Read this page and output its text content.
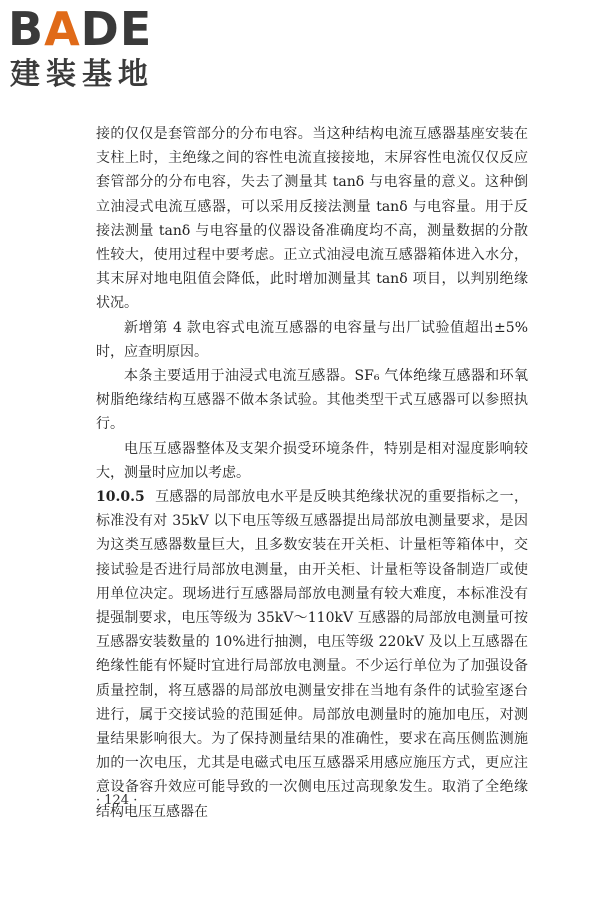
BADE
建装基地

接的仅仅是套管部分的分布电容。当这种结构电流互感器基座安装在支柱上时，主绝缘之间的容性电流直接接地，末屏容性电流仅仅反应套管部分的分布电容，失去了测量其 tanδ 与电容量的意义。这种倒立油浸式电流互感器，可以采用反接法测量 tanδ 与电容量。用于反接法测量 tanδ 与电容量的仪器设备准确度均不高，测量数据的分散性较大，使用过程中要考虑。正立式油浸电流互感器箱体进入水分，其末屏对地电阻值会降低，此时增加测量其 tanδ 项目，以判别绝缘状况。

新增第 4 款电容式电流互感器的电容量与出厂试验值超出±5%时，应查明原因。

本条主要适用于油浸式电流互感器。SF₆ 气体绝缘互感器和环氧树脂绝缘结构互感器不做本条试验。其他类型干式互感器可以参照执行。

电压互感器整体及支架介损受环境条件，特别是相对湿度影响较大，测量时应加以考虑。

10.0.5 互感器的局部放电水平是反映其绝缘状况的重要指标之一，标准没有对 35kV 以下电压等级互感器提出局部放电测量要求，是因为这类互感器数量巨大，且多数安装在开关柜、计量柜等箱体中，交接试验是否进行局部放电测量，由开关柜、计量柜等设备制造厂或使用单位决定。现场进行互感器局部放电测量有较大难度，本标准没有提强制要求，电压等级为 35kV～110kV 互感器的局部放电测量可按互感器安装数量的 10%进行抽测，电压等级 220kV 及以上互感器在绝缘性能有怀疑时宜进行局部放电测量。不少运行单位为了加强设备质量控制，将互感器的局部放电测量安排在当地有条件的试验室逐台进行，属于交接试验的范围延伸。局部放电测量时的施加电压，对测量结果影响很大。为了保持测量结果的准确性，要求在高压侧监测施加的一次电压，尤其是电磁式电压互感器采用感应施压方式，更应注意设备容升效应可能导致的一次侧电压过高现象发生。取消了全绝缘结构电压互感器在

· 124 ·
